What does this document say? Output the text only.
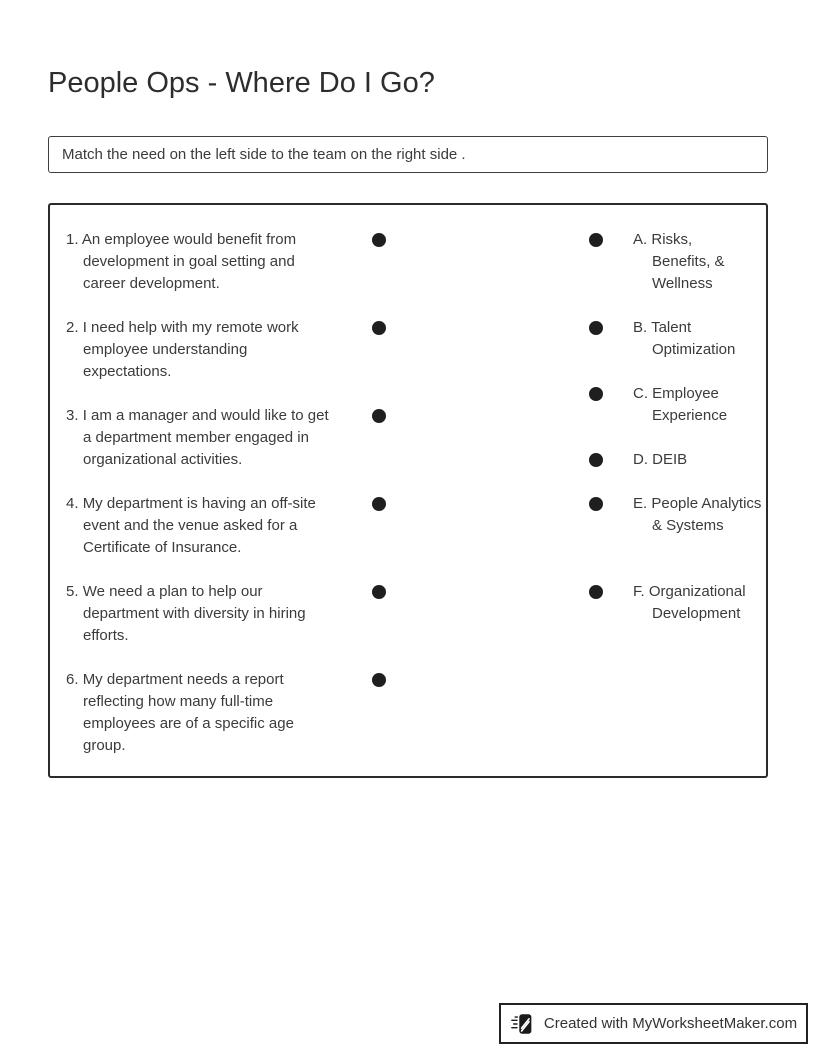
People Ops - Where Do I Go?
Match the need on the left side to the team on the right side .
1. An employee would benefit from development in goal setting and career development.
2. I need help with my remote work employee understanding expectations.
3. I am a manager and would like to get a department member engaged in organizational activities.
4. My department is having an off-site event and the venue asked for a Certificate of Insurance.
5. We need a plan to help our department with diversity in hiring efforts.
6. My department needs a report reflecting how many full-time employees are of a specific age group.
A. Risks, Benefits, & Wellness
B. Talent Optimization
C. Employee Experience
D. DEIB
E. People Analytics & Systems
F. Organizational Development
Created with MyWorksheetMaker.com
